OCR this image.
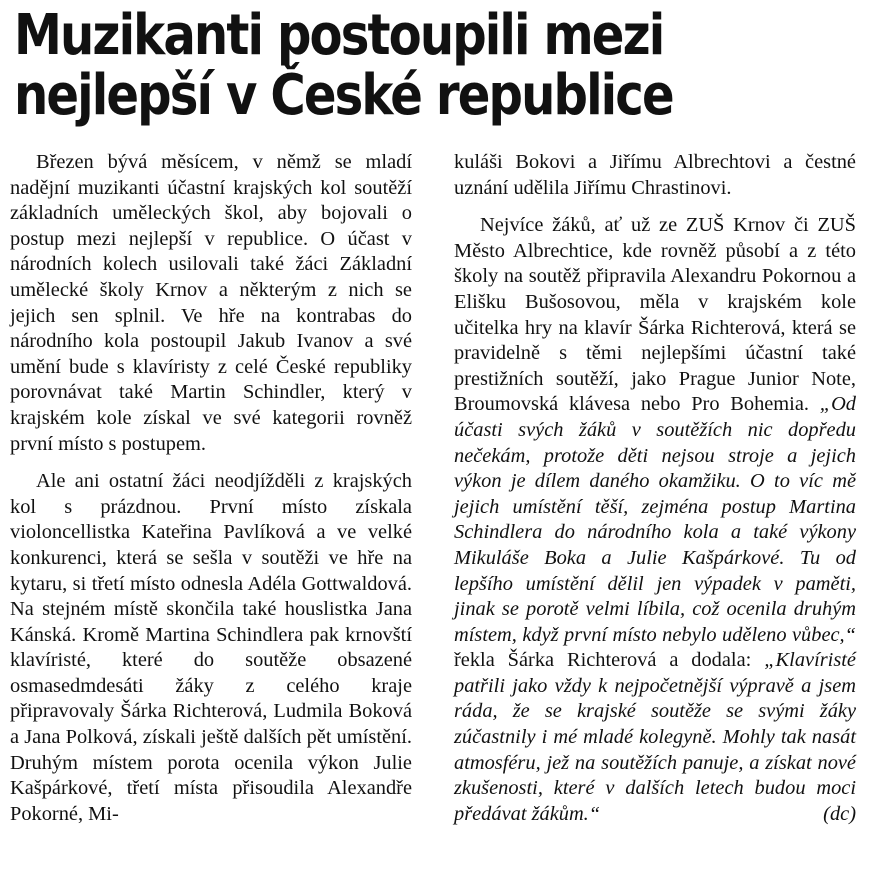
Muzikanti postoupili mezi
nejlepší v České republice

Březen bývá měsícem, v němž se mladí nadějní muzikanti účastní krajských kol soutěží základních uměleckých škol, aby bojovali o postup mezi nejlepší v republice. O účast v národních kolech usilovali také žáci Základní umělecké školy Krnov a některým z nich se jejich sen splnil. Ve hře na kontrabas do národního kola postoupil Jakub Ivanov a své umění bude s klavíristy z celé České republiky porovnávat také Martin Schindler, který v krajském kole získal ve své kategorii rovněž první místo s postupem.

Ale ani ostatní žáci neodjížděli z krajských kol s prázdnou. První místo získala violoncellistka Kateřina Pavlíková a ve velké konkurenci, která se sešla v soutěži ve hře na kytaru, si třetí místo odnesla Adéla Gottwaldová. Na stejném místě skončila také houslistka Jana Kánská. Kromě Martina Schindlera pak krnovští klavíristé, které do soutěže obsazené osmasedmdesáti žáky z celého kraje připravovaly Šárka Richterová, Ludmila Boková a Jana Polková, získali ještě dalších pět umístění. Druhým místem porota ocenila výkon Julie Kašpárkové, třetí místa přisoudila Alexandře Pokorné, Mi-

kuláši Bokovi a Jiřímu Albrechtovi a čestné uznání udělila Jiřímu Chrastinovi.

Nejvíce žáků, ať už ze ZUŠ Krnov či ZUŠ Město Albrechtice, kde rovněž působí a z této školy na soutěž připravila Alexandru Pokornou a Elišku Bušosovou, měla v krajském kole učitelka hry na klavír Šárka Richterová, která se pravidelně s těmi nejlepšími účastní také prestižních soutěží, jako Prague Junior Note, Broumovská klávesa nebo Pro Bohemia. „Od účasti svých žáků v soutěžích nic dopředu nečekám, protože děti nejsou stroje a jejich výkon je dílem daného okamžiku. O to víc mě jejich umístění těší, zejména postup Martina Schindlera do národního kola a také výkony Mikuláše Boka a Julie Kašpárkové. Tu od lepšího umístění dělil jen výpadek v paměti, jinak se porotě velmi líbila, což ocenila druhým místem, když první místo nebylo uděleno vůbec,“ řekla Šárka Richterová a dodala: „Klavíristé patřili jako vždy k nejpočetnější výpravě a jsem ráda, že se krajské soutěže se svými žáky zúčastnily i mé mladé kolegyně. Mohly tak nasát atmosféru, jež na soutěžích panuje, a získat nové zkušenosti, které v dalších letech budou moci předávat žákům.“	(dc)
